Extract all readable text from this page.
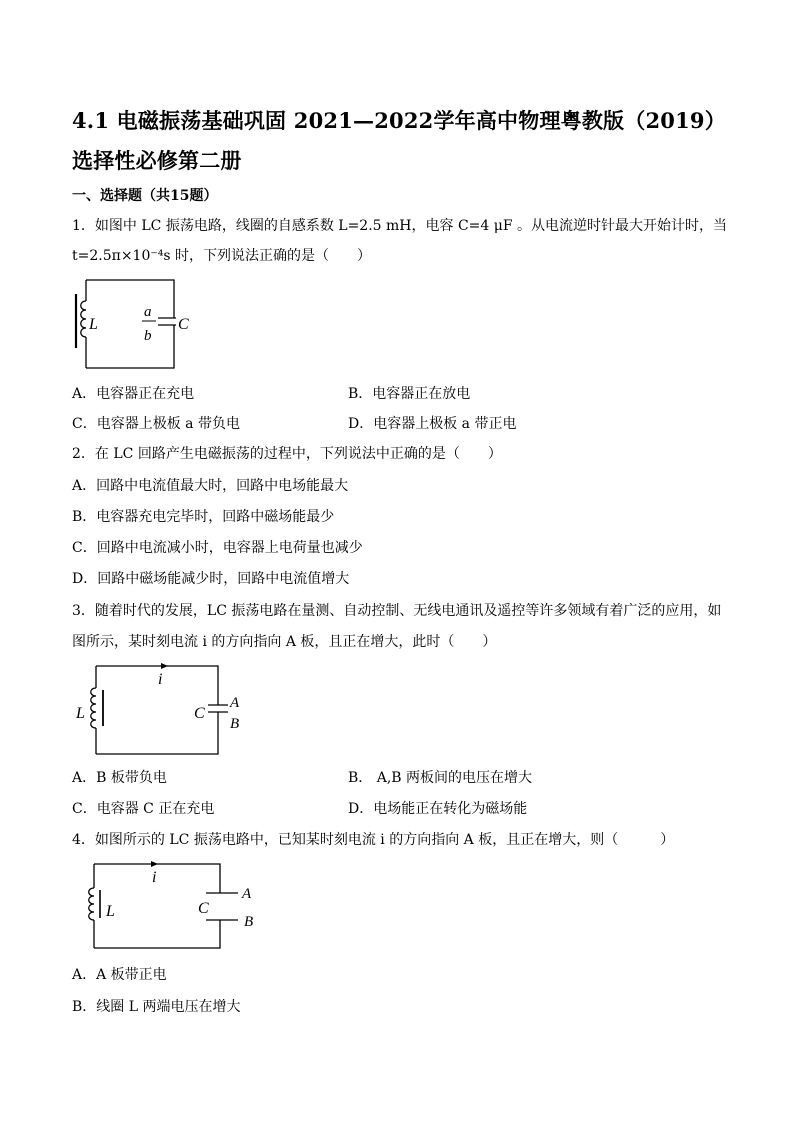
4.1 电磁振荡基础巩固 2021—2022学年高中物理粤教版（2019）选择性必修第二册
一、选择题（共15题）
1．如图中 LC 振荡电路，线圈的自感系数 L=2.5 mH，电容 C=4 μF 。从电流逆时针最大开始计时，当
t=2.5π×10⁻⁴s 时，下列说法正确的是（　　）
L
a
b
C
A．电容器正在充电	B．电容器正在放电
C．电容器上极板 a 带负电	D．电容器上极板 a 带正电
2．在 LC 回路产生电磁振荡的过程中，下列说法中正确的是（　　）
A．回路中电流值最大时，回路中电场能最大
B．电容器充电完毕时，回路中磁场能最少
C．回路中电流减小时，电容器上电荷量也减少
D．回路中磁场能减少时，回路中电流值增大
3．随着时代的发展，LC 振荡电路在量测、自动控制、无线电通讯及遥控等许多领域有着广泛的应用，如
图所示，某时刻电流 i 的方向指向 A 板，且正在增大，此时（　　）
i
L	C
A
B
A．B 板带负电	B． A,B 两板间的电压在增大
C．电容器 C 正在充电	D．电场能正在转化为磁场能
4．如图所示的 LC 振荡电路中，已知某时刻电流 i 的方向指向 A 板，且正在增大，则（　　　）
i
L	C
A
B
A．A 板带正电
B．线圈 L 两端电压在增大
